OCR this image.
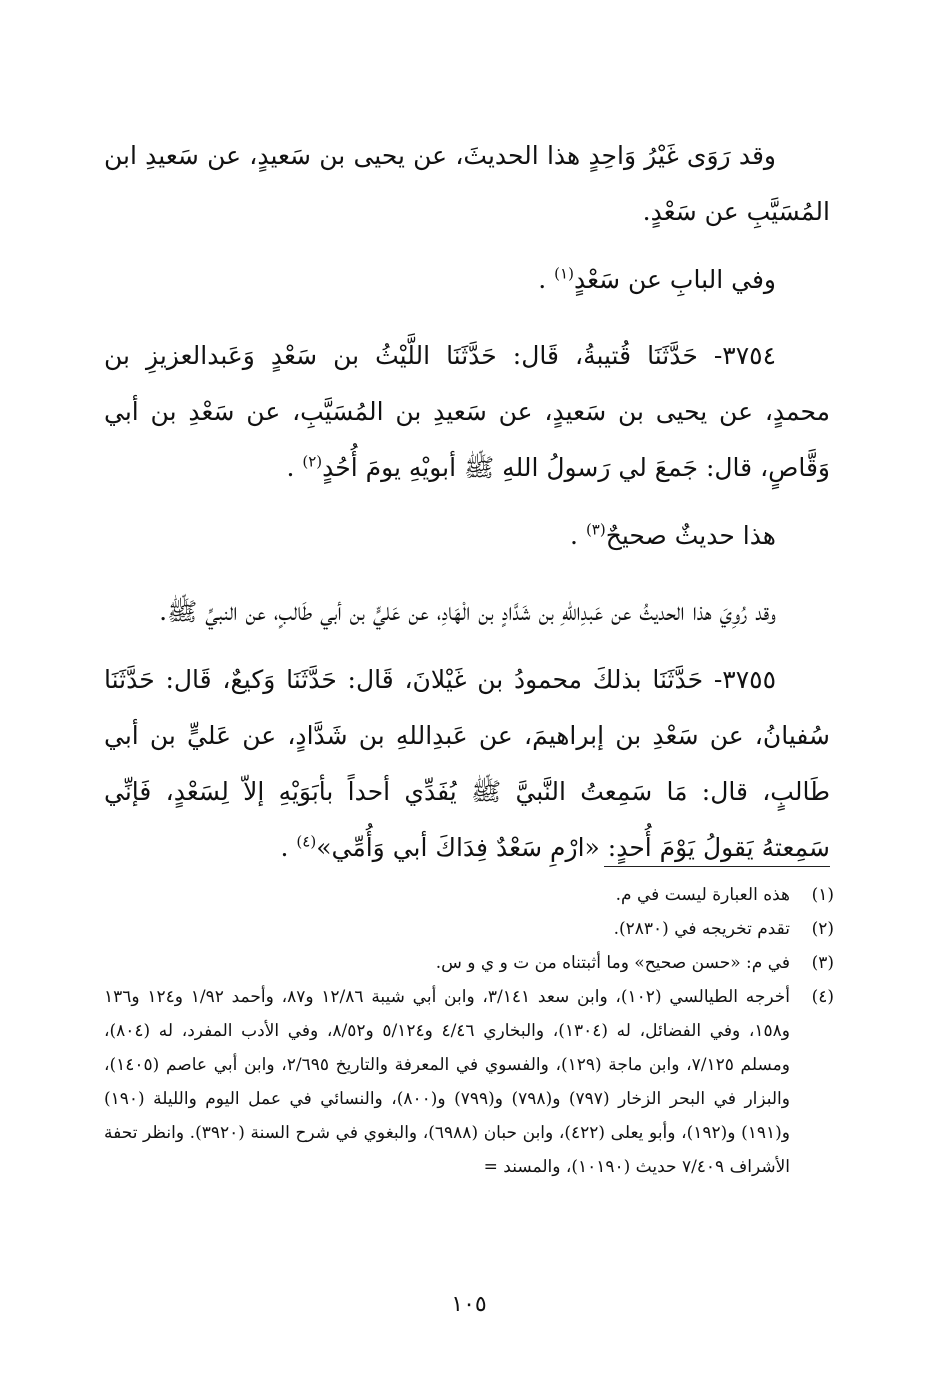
وقد رَوَى غَيْرُ وَاحِدٍ هذا الحديثَ، عن يحيى بن سَعيدٍ، عن سَعيدِ ابن المُسَيَّبِ عن سَعْدٍ.

وفي البابِ عن سَعْدٍ$^{(١)}$ .

٣٧٥٤- حَدَّثَنَا قُتيبةُ، قَال: حَدَّثَنَا اللَّيْثُ بن سَعْدٍ وَعَبدالعزيزِ بن محمدٍ، عن يحيى بن سَعيدٍ، عن سَعيدِ بن المُسَيَّبِ، عن سَعْدِ بن أبي وَقَّاصٍ، قال: جَمعَ لي رَسولُ اللهِ ﷺ أبويْهِ يومَ أُحُدٍ$^{(٢)}$ .

هذا حديثٌ صحيحٌ$^{(٣)}$ .

وقد رُوِيَ هذا الحديثُ عن عَبدِاللهِ بن شَدَّادٍ بن الْهَادِ، عن عَليٍّ بن أبي طَالبٍ، عن النبيِّ ﷺ.

٣٧٥٥- حَدَّثَنَا بذلكَ محمودُ بن غَيْلانَ، قَال: حَدَّثَنَا وَكيعٌ، قَال: حَدَّثَنَا سُفيانُ، عن سَعْدِ بن إبراهيمَ، عن عَبدِاللهِ بن شَدَّادٍ، عن عَليٍّ بن أبي طَالبٍ، قال: مَا سَمِعتُ النَّبيَّ ﷺ يُفَدِّي أحداً بأبَوَيْهِ إلاّ لِسَعْدٍ، فَإنِّي سَمِعتهُ يَقولُ يَوْمَ أُحدٍ: «ارْمِ سَعْدٌ فِدَاكَ أبي وَأُمِّي»$^{(٤)}$ .

(١)
هذه العبارة ليست في م.
(٢)
تقدم تخريجه في (٢٨٣٠).
(٣)
في م: «حسن صحيح» وما أثبتناه من ت و ي و س.
(٤)
أخرجه الطيالسي (١٠٢)، وابن سعد ٣/١٤١، وابن أبي شيبة ١٢/٨٦ و٨٧، وأحمد ١/٩٢ و١٢٤ و١٣٦ و١٥٨، وفي الفضائل، له (١٣٠٤)، والبخاري ٤/٤٦ و٥/١٢٤ و٨/٥٢، وفي الأدب المفرد، له (٨٠٤)، ومسلم ٧/١٢٥، وابن ماجة (١٢٩)، والفسوي في المعرفة والتاريخ ٢/٦٩٥، وابن أبي عاصم (١٤٠٥)، والبزار في البحر الزخار (٧٩٧) و(٧٩٨) و(٧٩٩) و(٨٠٠)، والنسائي في عمل اليوم والليلة (١٩٠) و(١٩١) و(١٩٢)، وأبو يعلى (٤٢٢)، وابن حبان (٦٩٨٨)، والبغوي في شرح السنة (٣٩٢٠). وانظر تحفة الأشراف ٧/٤٠٩ حديث (١٠١٩٠)، والمسند =
١٠٥
